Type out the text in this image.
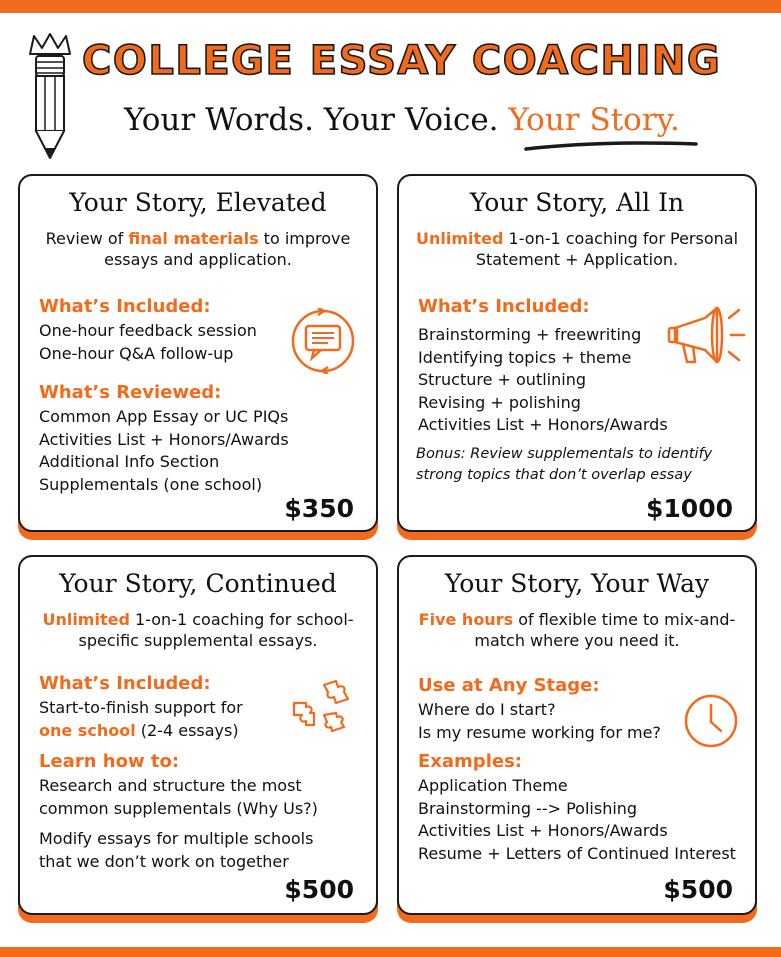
COLLEGE ESSAY COACHING
Your Words. Your Voice. Your Story.
Your Story, Elevated
Review of final materials to improve essays and application.
What’s Included:
One-hour feedback session
One-hour Q&A follow-up
What’s Reviewed:
Common App Essay or UC PIQs
Activities List + Honors/Awards
Additional Info Section
Supplementals (one school)
$350
Your Story, All In
Unlimited 1-on-1 coaching for Personal Statement + Application.
What’s Included:
Brainstorming + freewriting
Identifying topics + theme
Structure + outlining
Revising + polishing
Activities List + Honors/Awards
Bonus: Review supplementals to identify
strong topics that don’t overlap essay
$1000
Your Story, Continued
Unlimited 1-on-1 coaching for school-specific supplemental essays.
What’s Included:
Start-to-finish support for
one school (2-4 essays)
Learn how to:
Research and structure the most
common supplementals (Why Us?)
Modify essays for multiple schools
that we don’t work on together
$500
Your Story, Your Way
Five hours of flexible time to mix-and-match where you need it.
Use at Any Stage:
Where do I start?
Is my resume working for me?
Examples:
Application Theme
Brainstorming --> Polishing
Activities List + Honors/Awards
Resume + Letters of Continued Interest
$500
